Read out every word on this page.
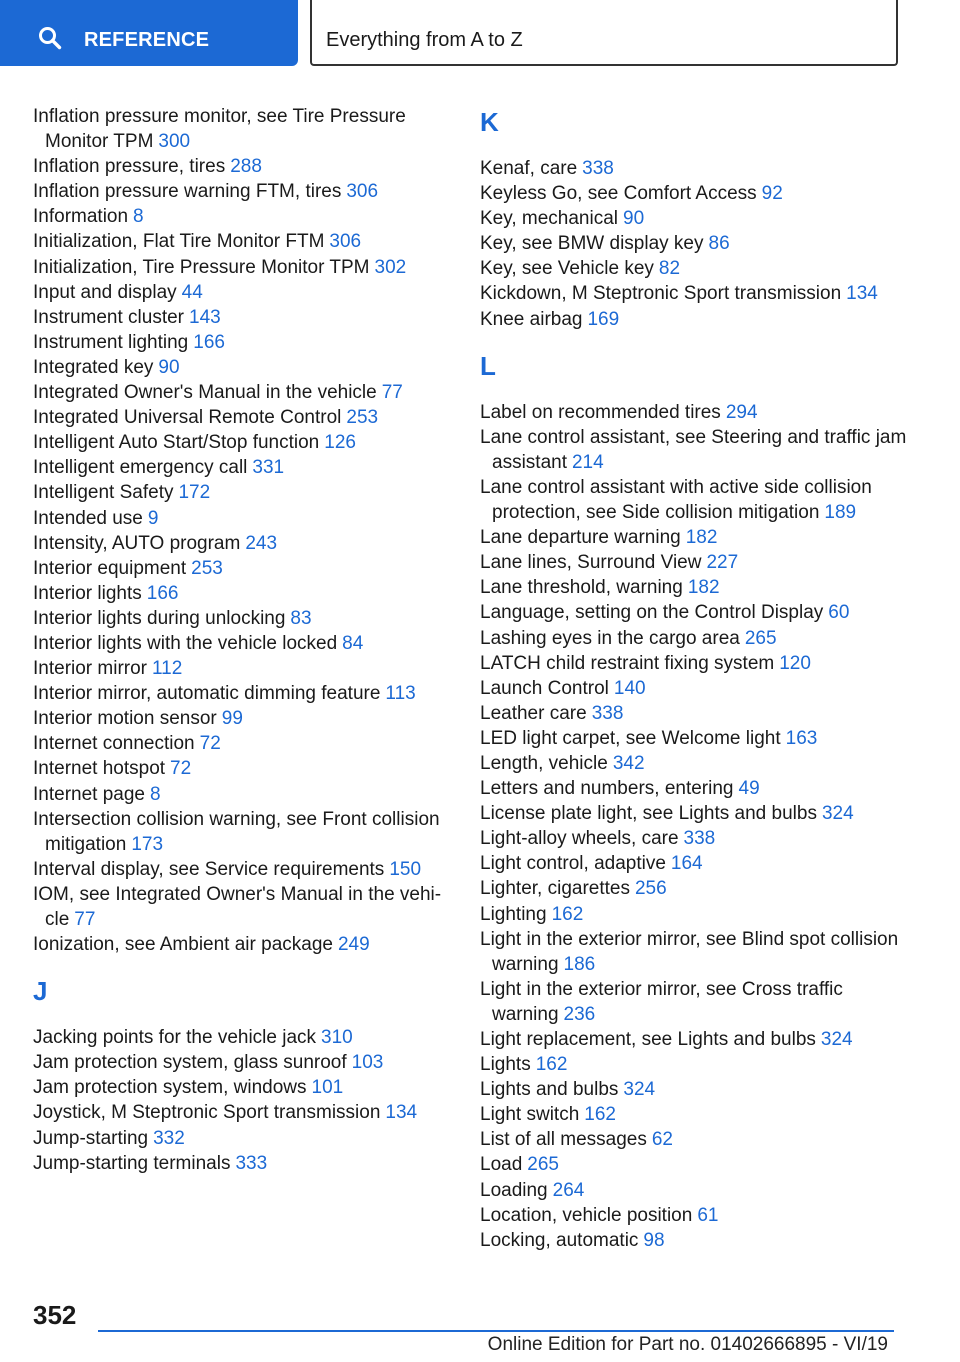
REFERENCE	Everything from A to Z
Inflation pressure monitor, see Tire Pressure Monitor TPM 300
Inflation pressure, tires 288
Inflation pressure warning FTM, tires 306
Information 8
Initialization, Flat Tire Monitor FTM 306
Initialization, Tire Pressure Monitor TPM 302
Input and display 44
Instrument cluster 143
Instrument lighting 166
Integrated key 90
Integrated Owner's Manual in the vehicle 77
Integrated Universal Remote Control 253
Intelligent Auto Start/Stop function 126
Intelligent emergency call 331
Intelligent Safety 172
Intended use 9
Intensity, AUTO program 243
Interior equipment 253
Interior lights 166
Interior lights during unlocking 83
Interior lights with the vehicle locked 84
Interior mirror 112
Interior mirror, automatic dimming feature 113
Interior motion sensor 99
Internet connection 72
Internet hotspot 72
Internet page 8
Intersection collision warning, see Front collision mitigation 173
Interval display, see Service requirements 150
IOM, see Integrated Owner's Manual in the vehicle 77
Ionization, see Ambient air package 249
J
Jacking points for the vehicle jack 310
Jam protection system, glass sunroof 103
Jam protection system, windows 101
Joystick, M Steptronic Sport transmission 134
Jump-starting 332
Jump-starting terminals 333
K
Kenaf, care 338
Keyless Go, see Comfort Access 92
Key, mechanical 90
Key, see BMW display key 86
Key, see Vehicle key 82
Kickdown, M Steptronic Sport transmission 134
Knee airbag 169
L
Label on recommended tires 294
Lane control assistant, see Steering and traffic jam assistant 214
Lane control assistant with active side collision protection, see Side collision mitigation 189
Lane departure warning 182
Lane lines, Surround View 227
Lane threshold, warning 182
Language, setting on the Control Display 60
Lashing eyes in the cargo area 265
LATCH child restraint fixing system 120
Launch Control 140
Leather care 338
LED light carpet, see Welcome light 163
Length, vehicle 342
Letters and numbers, entering 49
License plate light, see Lights and bulbs 324
Light-alloy wheels, care 338
Light control, adaptive 164
Lighter, cigarettes 256
Lighting 162
Light in the exterior mirror, see Blind spot collision warning 186
Light in the exterior mirror, see Cross traffic warning 236
Light replacement, see Lights and bulbs 324
Lights 162
Lights and bulbs 324
Light switch 162
List of all messages 62
Load 265
Loading 264
Location, vehicle position 61
Locking, automatic 98
352
Online Edition for Part no. 01402666895 - VI/19
